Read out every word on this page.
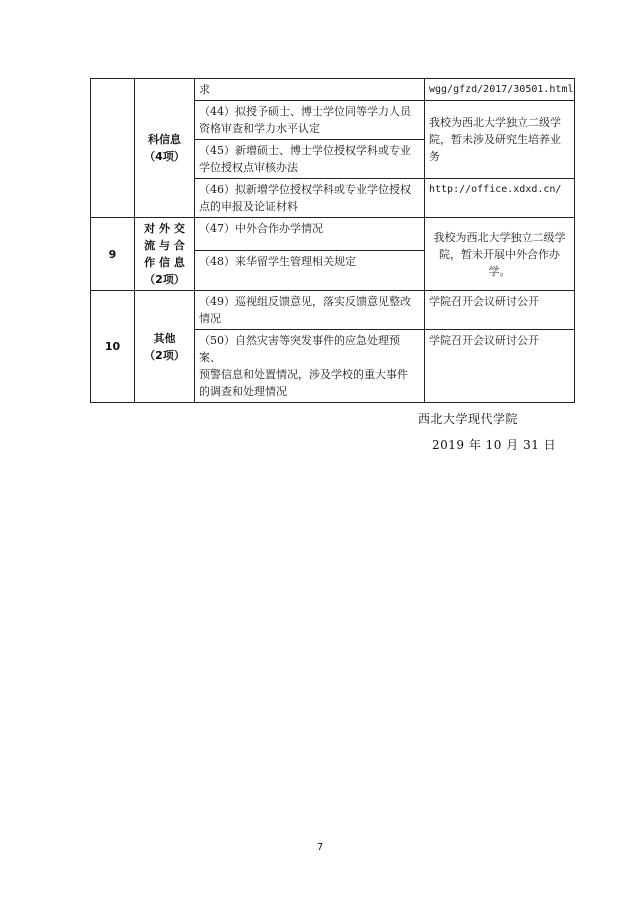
	科信息
（4项）	求	wgg/gfzd/2017/30501.html

		（44）拟授予硕士、博士学位同等学力人员
资格审查和学力水平认定	我校为西北大学独立二级学
院，暂未涉及研究生培养业务

		（45）新增硕士、博士学位授权学科或专业
学位授权点审核办法	

		（46）拟新增学位授权学科或专业学位授权
点的申报及论证材料	http://office.xdxd.cn/

9	对 外 交
流 与 合
作 信 息
（2项）	（47）中外合作办学情况	我校为西北大学独立二级学
院，暂未开展中外合作办学。

		（48）来华留学生管理相关规定	

10	其他
（2项）	（49）巡视组反馈意见，落实反馈意见整改
情况	学院召开会议研讨公开

		（50）自然灾害等突发事件的应急处理预案、
预警信息和处置情况，涉及学校的重大事件
的调查和处理情况	学院召开会议研讨公开
西北大学现代学院
2019 年 10 月 31 日
7
